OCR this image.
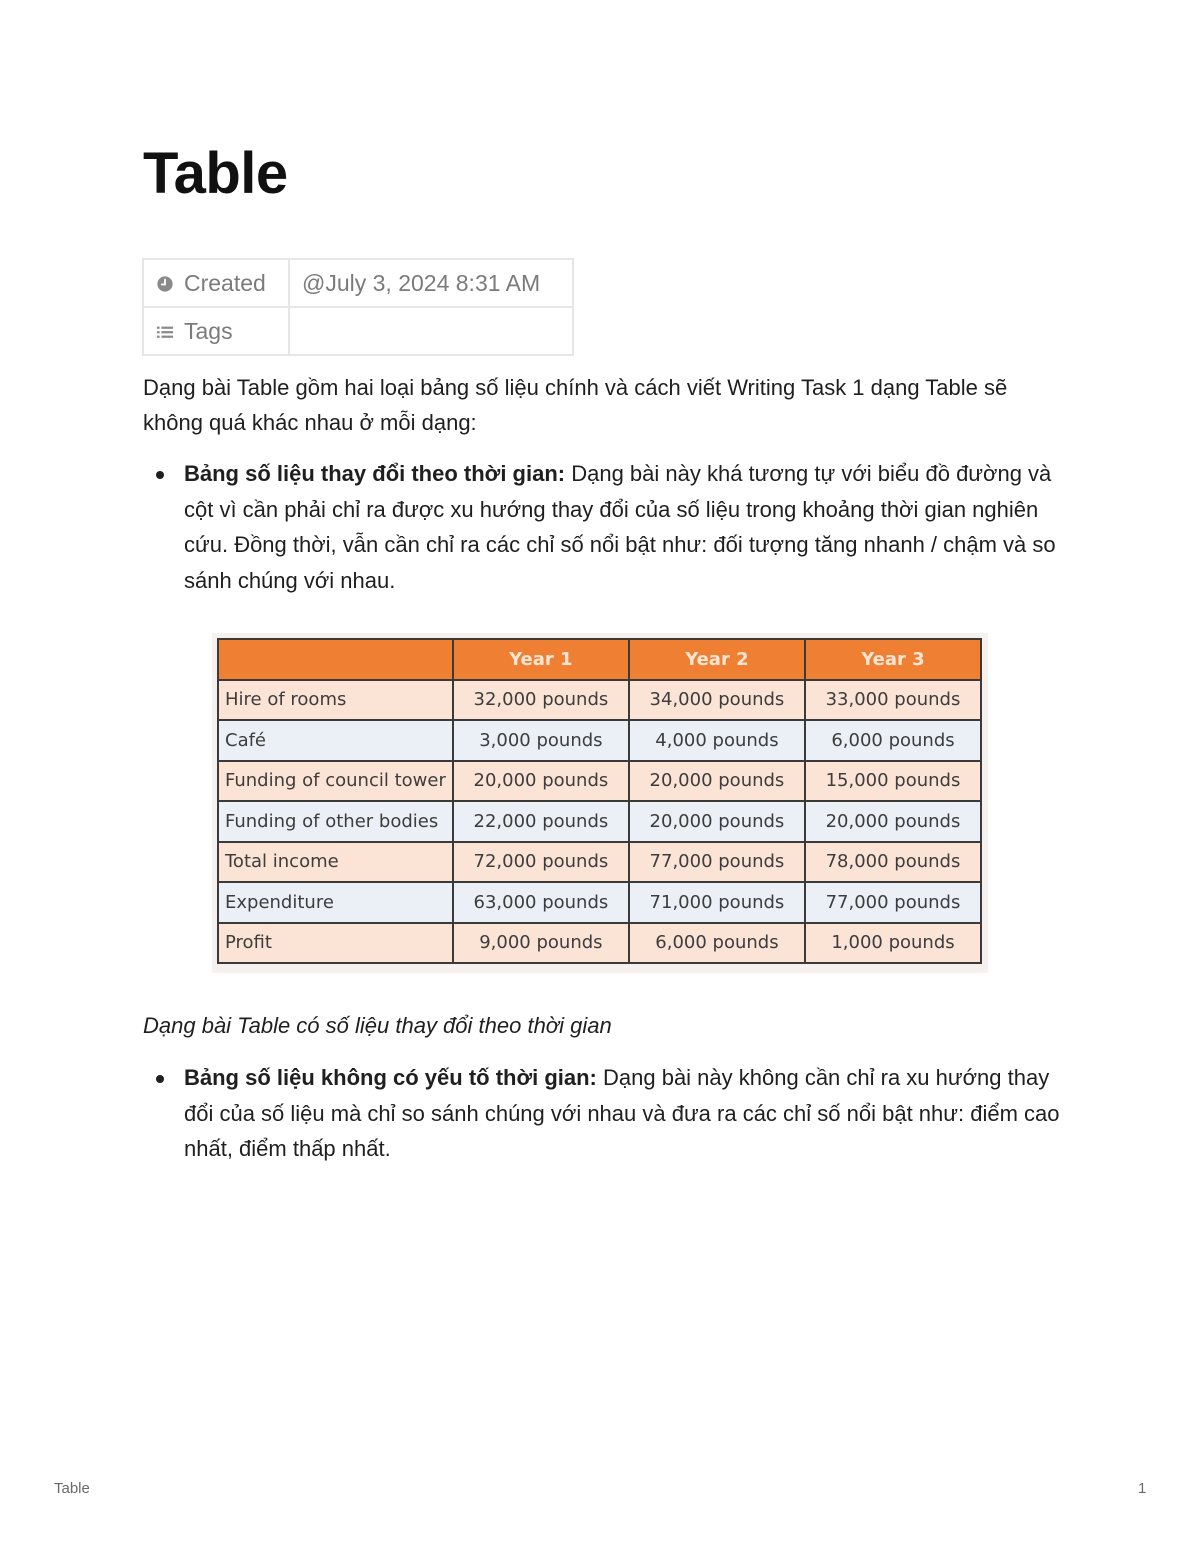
Table
Created	@July 3, 2024 8:31 AM
Tags	

Dạng bài Table gồm hai loại bảng số liệu chính và cách viết Writing Task 1 dạng Table sẽ không quá khác nhau ở mỗi dạng:

Bảng số liệu thay đổi theo thời gian: Dạng bài này khá tương tự với biểu đồ đường và cột vì cần phải chỉ ra được xu hướng thay đổi của số liệu trong khoảng thời gian nghiên cứu. Đồng thời, vẫn cần chỉ ra các chỉ số nổi bật như: đối tượng tăng nhanh / chậm và so sánh chúng với nhau.
	Year 1	Year 2	Year 3
Hire of rooms	32,000 pounds	34,000 pounds	33,000 pounds
Café	3,000 pounds	4,000 pounds	6,000 pounds
Funding of council tower	20,000 pounds	20,000 pounds	15,000 pounds
Funding of other bodies	22,000 pounds	20,000 pounds	20,000 pounds
Total income	72,000 pounds	77,000 pounds	78,000 pounds
Expenditure	63,000 pounds	71,000 pounds	77,000 pounds
Profit	9,000 pounds	6,000 pounds	1,000 pounds

Dạng bài Table có số liệu thay đổi theo thời gian

Bảng số liệu không có yếu tố thời gian: Dạng bài này không cần chỉ ra xu hướng thay đổi của số liệu mà chỉ so sánh chúng với nhau và đưa ra các chỉ số nổi bật như: điểm cao nhất, điểm thấp nhất.
Table	1
